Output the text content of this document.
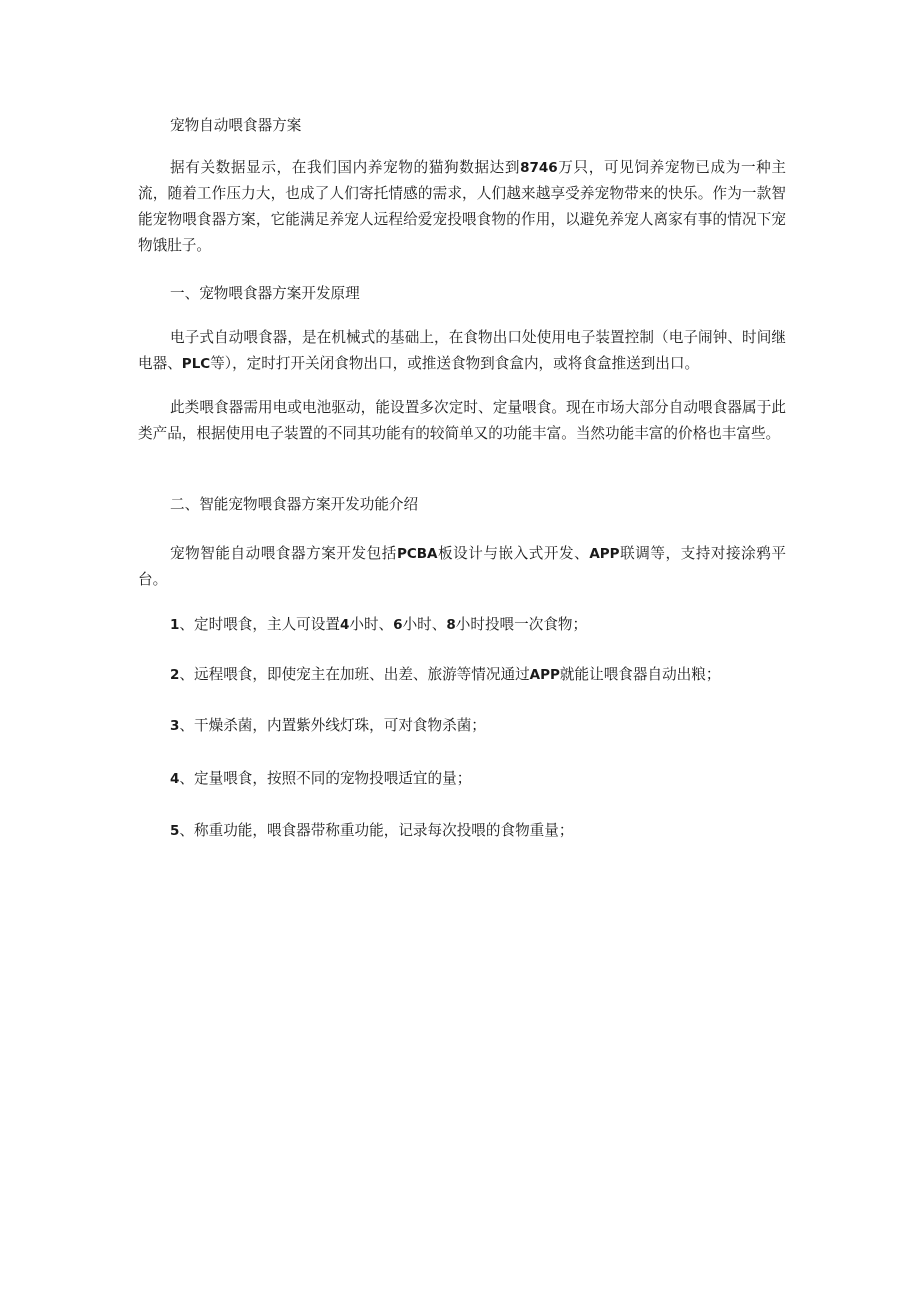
宠物自动喂食器方案

据有关数据显示，在我们国内养宠物的猫狗数据达到8746万只，可见饲养宠物已成为一种主流，随着工作压力大，也成了人们寄托情感的需求，人们越来越享受养宠物带来的快乐。作为一款智能宠物喂食器方案，它能满足养宠人远程给爱宠投喂食物的作用，以避免养宠人离家有事的情况下宠物饿肚子。

一、宠物喂食器方案开发原理

电子式自动喂食器，是在机械式的基础上，在食物出口处使用电子装置控制（电子闹钟、时间继电器、PLC等），定时打开关闭食物出口，或推送食物到食盒内，或将食盒推送到出口。

此类喂食器需用电或电池驱动，能设置多次定时、定量喂食。现在市场大部分自动喂食器属于此类产品，根据使用电子装置的不同其功能有的较简单又的功能丰富。当然功能丰富的价格也丰富些。

二、智能宠物喂食器方案开发功能介绍

宠物智能自动喂食器方案开发包括PCBA板设计与嵌入式开发、APP联调等，支持对接涂鸦平台。

1、定时喂食，主人可设置4小时、6小时、8小时投喂一次食物；

2、远程喂食，即使宠主在加班、出差、旅游等情况通过APP就能让喂食器自动出粮；

3、干燥杀菌，内置紫外线灯珠，可对食物杀菌；

4、定量喂食，按照不同的宠物投喂适宜的量；

5、称重功能，喂食器带称重功能，记录每次投喂的食物重量；
